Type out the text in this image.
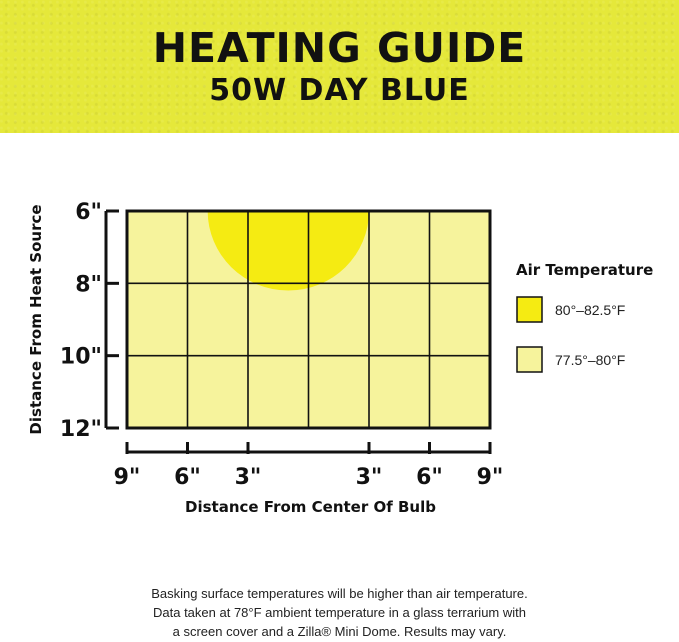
HEATING GUIDE
50W DAY BLUE
6"
8"
10"
12"
Distance From Heat Source
9" 6" 3"	3" 6" 9"
Distance From Center Of Bulb
Air Temperature
80°–82.5°F
77.5°–80°F
Basking surface temperatures will be higher than air temperature.
Data taken at 78°F ambient temperature in a glass terrarium with
a screen cover and a Zilla® Mini Dome. Results may vary.
